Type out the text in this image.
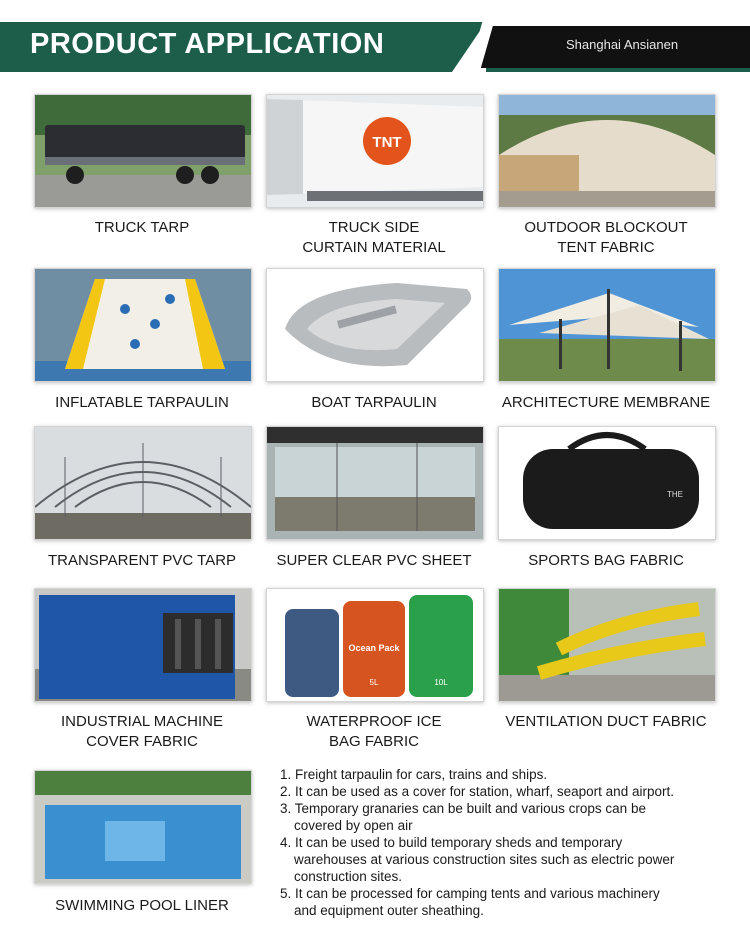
PRODUCT APPLICATION	Shanghai Ansianen
TNT
TRUCK TARP	TRUCK SIDE
CURTAIN MATERIAL
OUTDOOR BLOCKOUT
TENT FABRIC
INFLATABLE TARPAULIN	BOAT TARPAULIN	ARCHITECTURE MEMBRANE
THE
TRANSPARENT PVC TARP	SUPER CLEAR PVC SHEET	SPORTS BAG FABRIC
Ocean Pack
5L	10L
INDUSTRIAL MACHINE
COVER FABRIC
WATERPROOF ICE
BAG FABRIC
VENTILATION DUCT FABRIC
SWIMMING POOL LINER
1. Freight tarpaulin for cars, trains and ships.
2. It can be used as a cover for station, wharf, seaport and airport.
3. Temporary granaries can be built and various crops can be
covered by open air
4. It can be used to build temporary sheds and temporary
warehouses at various construction sites such as electric power
construction sites.
5. It can be processed for camping tents and various machinery
and equipment outer sheathing.
